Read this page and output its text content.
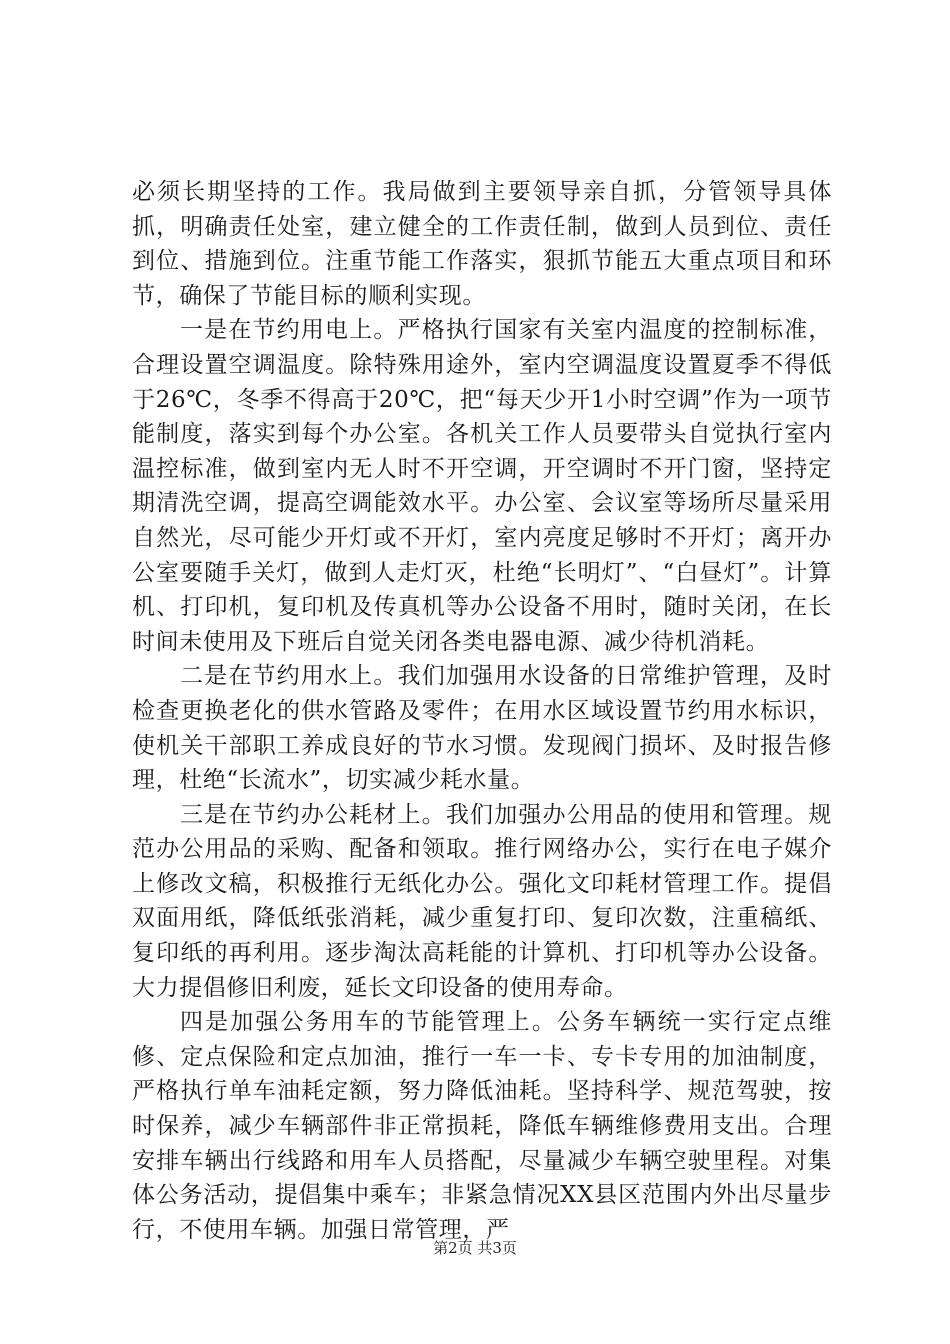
必须长期坚持的工作。我局做到主要领导亲自抓，分管领导具体抓，明确责任处室，建立健全的工作责任制，做到人员到位、责任到位、措施到位。注重节能工作落实，狠抓节能五大重点项目和环节，确保了节能目标的顺利实现。

一是在节约用电上。严格执行国家有关室内温度的控制标准，合理设置空调温度。除特殊用途外，室内空调温度设置夏季不得低于26℃，冬季不得高于20℃，把“每天少开1小时空调”作为一项节能制度，落实到每个办公室。各机关工作人员要带头自觉执行室内温控标准，做到室内无人时不开空调，开空调时不开门窗，坚持定期清洗空调，提高空调能效水平。办公室、会议室等场所尽量采用自然光，尽可能少开灯或不开灯，室内亮度足够时不开灯；离开办公室要随手关灯，做到人走灯灭，杜绝“长明灯”、“白昼灯”。计算机、打印机，复印机及传真机等办公设备不用时，随时关闭，在长时间未使用及下班后自觉关闭各类电器电源、减少待机消耗。

二是在节约用水上。我们加强用水设备的日常维护管理，及时检查更换老化的供水管路及零件；在用水区域设置节约用水标识，使机关干部职工养成良好的节水习惯。发现阀门损坏、及时报告修理，杜绝“长流水”，切实减少耗水量。

三是在节约办公耗材上。我们加强办公用品的使用和管理。规范办公用品的采购、配备和领取。推行网络办公，实行在电子媒介上修改文稿，积极推行无纸化办公。强化文印耗材管理工作。提倡双面用纸，降低纸张消耗，减少重复打印、复印次数，注重稿纸、复印纸的再利用。逐步淘汰高耗能的计算机、打印机等办公设备。大力提倡修旧利废，延长文印设备的使用寿命。

四是加强公务用车的节能管理上。公务车辆统一实行定点维修、定点保险和定点加油，推行一车一卡、专卡专用的加油制度，严格执行单车油耗定额，努力降低油耗。坚持科学、规范驾驶，按时保养，减少车辆部件非正常损耗，降低车辆维修费用支出。合理安排车辆出行线路和用车人员搭配，尽量减少车辆空驶里程。对集体公务活动，提倡集中乘车；非紧急情况XX县区范围内外出尽量步行，不使用车辆。加强日常管理，严

第2页 共3页
